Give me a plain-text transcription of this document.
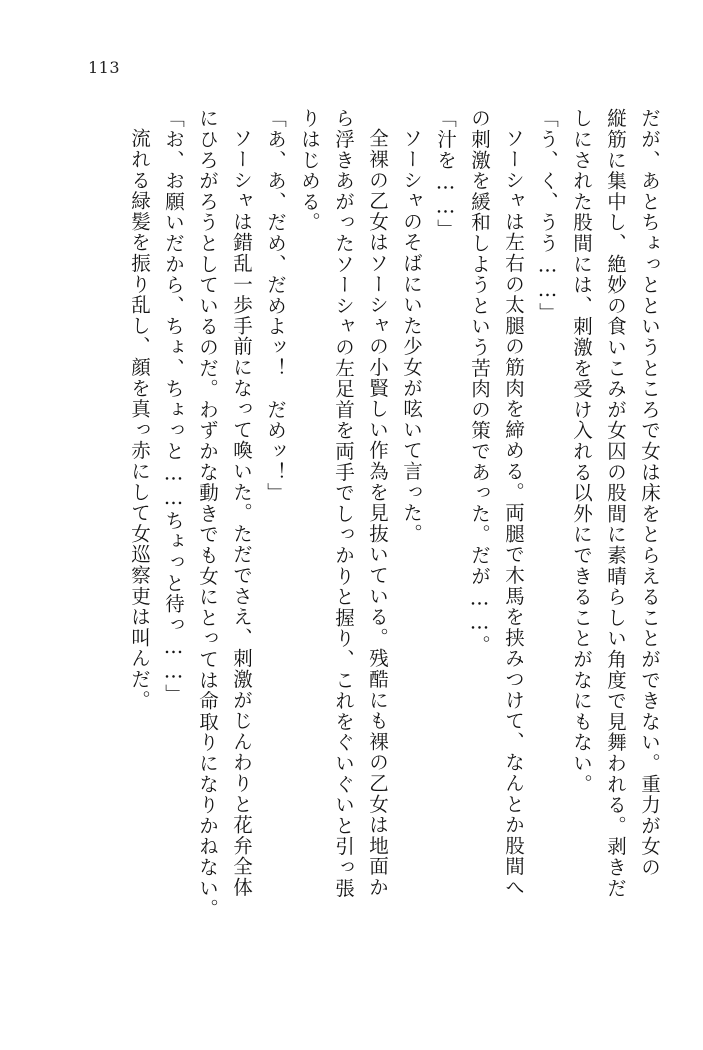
113
だが、あとちょっとというところで女は床をとらえることができない。重力が女の
縦筋に集中し、絶妙の食いこみが女囚の股間に素晴らしい角度で見舞われる。剥きだ
しにされた股間には、刺激を受け入れる以外にできることがなにもない。
「う、く、うう……」
ソーシャは左右の太腿の筋肉を締める。両腿で木馬を挟みつけて、なんとか股間へ
の刺激を緩和しようという苦肉の策であった。だが……。
「汁を……」
ソーシャのそばにいた少女が呟いて言った。
全裸の乙女はソーシャの小賢しい作為を見抜いている。残酷にも裸の乙女は地面か
ら浮きあがったソーシャの左足首を両手でしっかりと握り、これをぐいぐいと引っ張
りはじめる。
「あ、あ、だめ、だめよッ！　だめッ！」
ソーシャは錯乱一歩手前になって喚いた。ただでさえ、刺激がじんわりと花弁全体
にひろがろうとしているのだ。わずかな動きでも女にとっては命取りになりかねない。
「お、お願いだから、ちょ、ちょっと……ちょっと待っ……」
流れる緑髪を振り乱し、顔を真っ赤にして女巡察吏は叫んだ。
